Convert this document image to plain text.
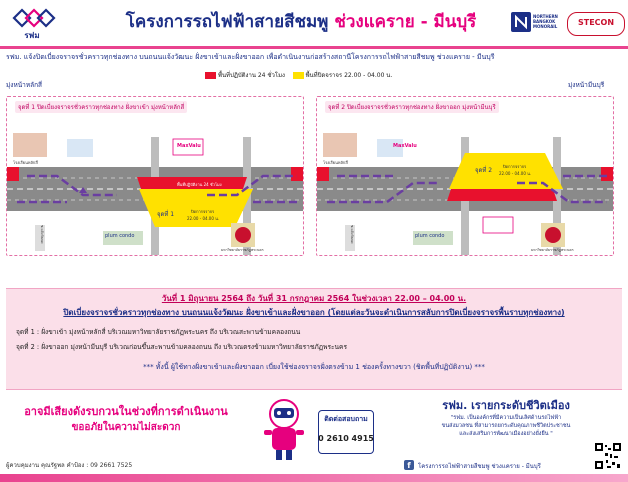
รฟม
โครงการรถไฟฟ้าสายสีชมพู ช่วงแคราย - มีนบุรี	NORTHERN BANGKOK MONORAIL	STECON
รฟม. แจ้งปิดเบี่ยงจราจรชั่วคราวทุกช่องทาง บนถนนแจ้งวัฒนะ ฝั่งขาเข้าและฝั่งขาออก เพื่อดำเนินงานก่อสร้างสถานีโครงการรถไฟฟ้าสายสีชมพู ช่วงแคราย - มีนบุรี
พื้นที่ปฏิบัติงาน 24 ชั่วโมง	พื้นที่ปิดจราจร 22.00 - 04.00 น.
มุ่งหน้าหลักสี่	มุ่งหน้ามีนบุรี
จุดที่ 1 ปิดเบี่ยงจราจรชั่วคราวทุกช่องทาง ฝั่งขาเข้า มุ่งหน้าหลักสี่
โรงเรียนหลักสี่
MaxValu
พื้นที่ปฏิบัติงาน 24 ชั่วโมง
จุดที่ 1	ปิดการจราจร
22.00 - 04.00 น.
plum condo
มหาวิทยาลัยราชภัฏพระนคร
ซ.แจ้งวัฒนะ
จุดที่ 2 ปิดเบี่ยงจราจรชั่วคราวทุกช่องทาง ฝั่งขาออก มุ่งหน้ามีนบุรี
โรงเรียนหลักสี่
MaxValu
จุดที่ 2
ปิดการจราจร
22.00 - 04.00 น.
plum condo
มหาวิทยาลัยราชภัฏพระนคร
ซ.แจ้งวัฒนะ
วันที่ 1 มิถุนายน 2564 ถึง วันที่ 31 กรกฎาคม 2564 ในช่วงเวลา 22.00 – 04.00 น.
ปิดเบี่ยงจราจรชั่วคราวทุกช่องทาง บนถนนแจ้งวัฒนะ ฝั่งขาเข้าและฝั่งขาออก (โดยแต่ละวันจะดำเนินการสลับการปิดเบี่ยงจราจรพื้นราบทุกช่องทาง)
จุดที่ 1 : ฝั่งขาเข้า มุ่งหน้าหลักสี่ บริเวณมหาวิทยาลัยราชภัฏพระนคร ถึง บริเวณสะพานข้ามคลองถนน
จุดที่ 2 : ฝั่งขาออก มุ่งหน้ามีนบุรี บริเวณก่อนขึ้นสะพานข้ามคลองถนน ถึง บริเวณตรงข้ามมหาวิทยาลัยราชภัฏพระนคร
*** ทั้งนี้ ผู้ใช้ทางฝั่งขาเข้าและฝั่งขาออก เบี่ยงใช้ช่องจราจรฝั่งตรงข้าม 1 ช่องครั้งทางขวา (ชิดพื้นที่ปฏิบัติงาน) ***
อาจมีเสียงดังรบกวนในช่วงที่การดำเนินงาน
ขออภัยในความไม่สะดวก
ติดต่อสอบถาม
0 2610 4915
รฟม. เรายกระดับชีวิตเมือง
"รฟม. เป็นองค์กรที่มีความเป็นเลิศด้านรถไฟฟ้า
ขนส่งมวลชน ที่สามารถยกระดับคุณภาพชีวิตประชาชน
และส่งเสริมการพัฒนาเมืองอย่างยั่งยืน "
ผู้ควบคุมงาน คุณรัฐพล คำป้อง : 09 2661 7525	f	โครงการรถไฟฟ้าสายสีชมพู ช่วงแคราย - มีนบุรี
